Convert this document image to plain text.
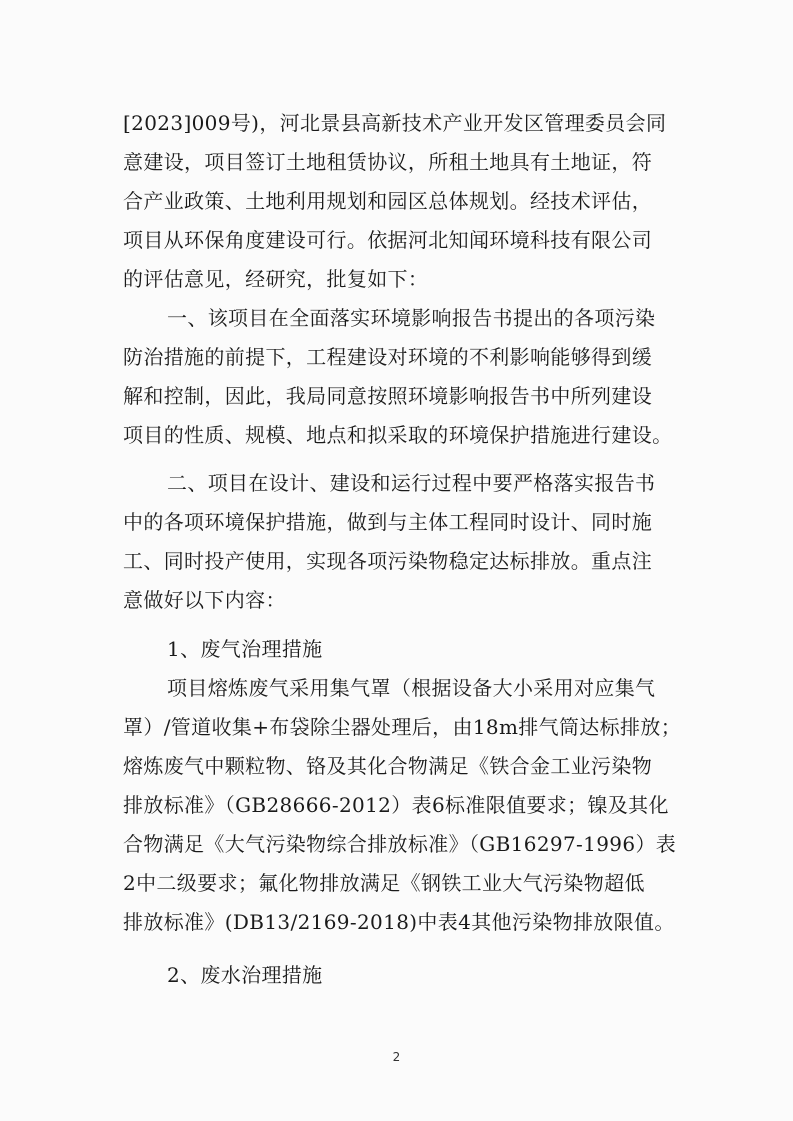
[2023]009号)，河北景县高新技术产业开发区管理委员会同
意建设，项目签订土地租赁协议，所租土地具有土地证，符
合产业政策、土地利用规划和园区总体规划。经技术评估，
项目从环保角度建设可行。依据河北知闻环境科技有限公司
的评估意见，经研究，批复如下：
一、该项目在全面落实环境影响报告书提出的各项污染
防治措施的前提下，工程建设对环境的不利影响能够得到缓
解和控制，因此，我局同意按照环境影响报告书中所列建设
项目的性质、规模、地点和拟采取的环境保护措施进行建设。
二、项目在设计、建设和运行过程中要严格落实报告书
中的各项环境保护措施，做到与主体工程同时设计、同时施
工、同时投产使用，实现各项污染物稳定达标排放。重点注
意做好以下内容：
1、废气治理措施
项目熔炼废气采用集气罩（根据设备大小采用对应集气
罩）/管道收集+布袋除尘器处理后，由18m排气筒达标排放；
熔炼废气中颗粒物、铬及其化合物满足《铁合金工业污染物
排放标准》（GB28666-2012）表6标准限值要求；镍及其化
合物满足《大气污染物综合排放标准》（GB16297-1996）表
2中二级要求；氟化物排放满足《钢铁工业大气污染物超低
排放标准》(DB13/2169-2018)中表4其他污染物排放限值。
2、废水治理措施
2
